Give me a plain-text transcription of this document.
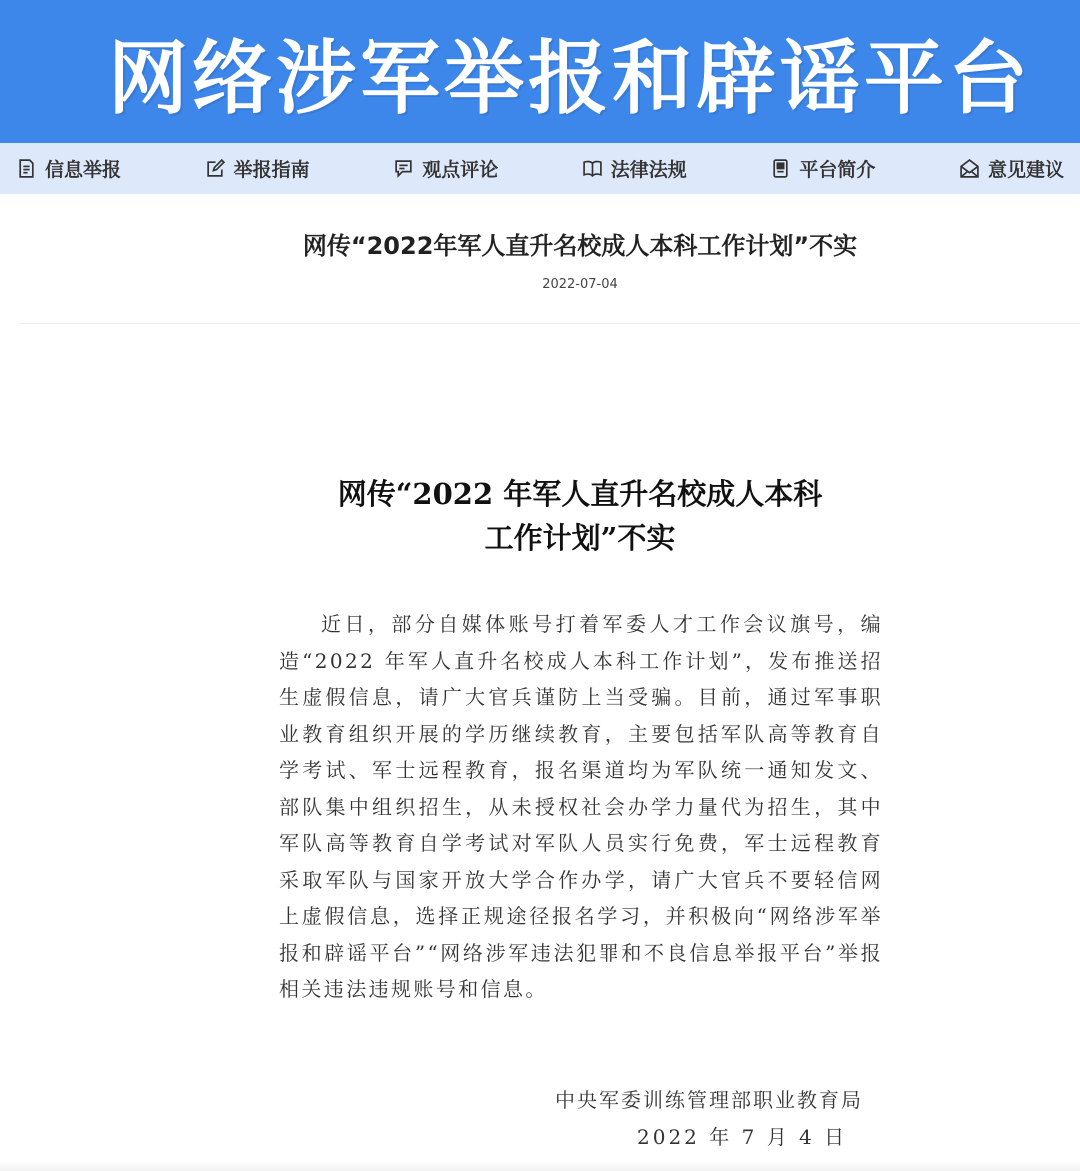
网络涉军举报和辟谣平台
信息举报	举报指南	观点评论	法律法规	平台简介	意见建议
网传“2022年军人直升名校成人本科工作计划”不实
2022-07-04
网传“2022 年军人直升名校成人本科
工作计划”不实
近日，部分自媒体账号打着军委人才工作会议旗号，编造“2022 年军人直升名校成人本科工作计划”，发布推送招生虚假信息，请广大官兵谨防上当受骗。目前，通过军事职业教育组织开展的学历继续教育，主要包括军队高等教育自学考试、军士远程教育，报名渠道均为军队统一通知发文、部队集中组织招生，从未授权社会办学力量代为招生，其中军队高等教育自学考试对军队人员实行免费，军士远程教育采取军队与国家开放大学合作办学，请广大官兵不要轻信网上虚假信息，选择正规途径报名学习，并积极向“网络涉军举报和辟谣平台”“网络涉军违法犯罪和不良信息举报平台”举报相关违法违规账号和信息。
中央军委训练管理部职业教育局
2022 年 7 月 4 日
